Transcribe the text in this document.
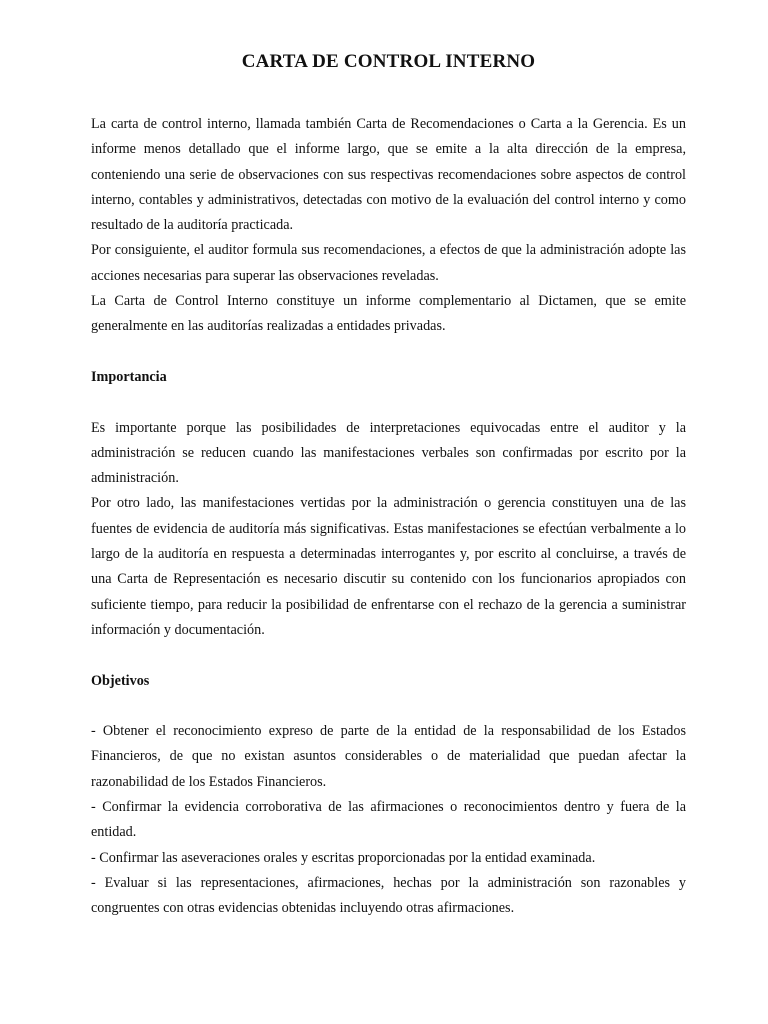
CARTA DE CONTROL INTERNO

La carta de control interno, llamada también Carta de Recomendaciones o Carta a la Gerencia. Es un informe menos detallado que el informe largo, que se emite a la alta dirección de la empresa, conteniendo una serie de observaciones con sus respectivas recomendaciones sobre aspectos de control interno, contables y administrativos, detectadas con motivo de la evaluación del control interno y como resultado de la auditoría practicada.

Por consiguiente, el auditor formula sus recomendaciones, a efectos de que la administración adopte las acciones necesarias para superar las observaciones reveladas.

La Carta de Control Interno constituye un informe complementario al Dictamen, que se emite generalmente en las auditorías realizadas a entidades privadas.

Importancia

Es importante porque las posibilidades de interpretaciones equivocadas entre el auditor y la administración se reducen cuando las manifestaciones verbales son confirmadas por escrito por la administración.

Por otro lado, las manifestaciones vertidas por la administración o gerencia constituyen una de las fuentes de evidencia de auditoría más significativas. Estas manifestaciones se efectúan verbalmente a lo largo de la auditoría en respuesta a determinadas interrogantes y, por escrito al concluirse, a través de una Carta de Representación es necesario discutir su contenido con los funcionarios apropiados con suficiente tiempo, para reducir la posibilidad de enfrentarse con el rechazo de la gerencia a suministrar información y documentación.

Objetivos

- Obtener el reconocimiento expreso de parte de la entidad de la responsabilidad de los Estados Financieros, de que no existan asuntos considerables o de materialidad que puedan afectar la razonabilidad de los Estados Financieros.

- Confirmar la evidencia corroborativa de las afirmaciones o reconocimientos dentro y fuera de la entidad.

- Confirmar las aseveraciones orales y escritas proporcionadas por la entidad examinada.

- Evaluar si las representaciones, afirmaciones, hechas por la administración son razonables y congruentes con otras evidencias obtenidas incluyendo otras afirmaciones.
